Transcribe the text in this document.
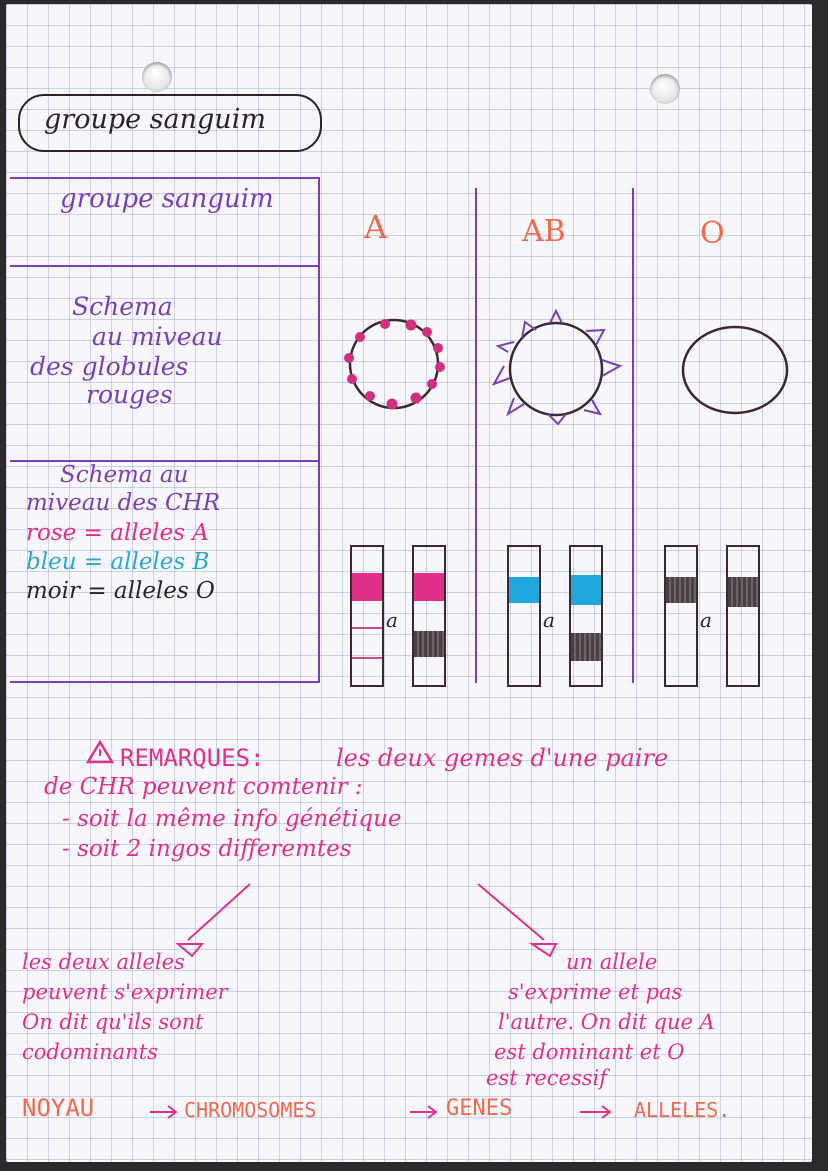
groupe sanguim
groupe sanguim
Schema
au miveau
des globules
rouges
Schema au
miveau des CHR
rose = alleles A
bleu = alleles B
moir = alleles O
A	AB	O
a	a	a
REMARQUES:	les deux gemes d'une paire
de CHR peuvent comtenir :
- soit la même info génétique
- soit 2 ingos differemtes
les deux alleles
peuvent s'exprimer
On dit qu'ils sont
codominants
un allele
s'exprime et pas
l'autre. On dit que A
est dominant et O
est recessif
NOYAU	CHROMOSOMES	GENES	ALLELES.
